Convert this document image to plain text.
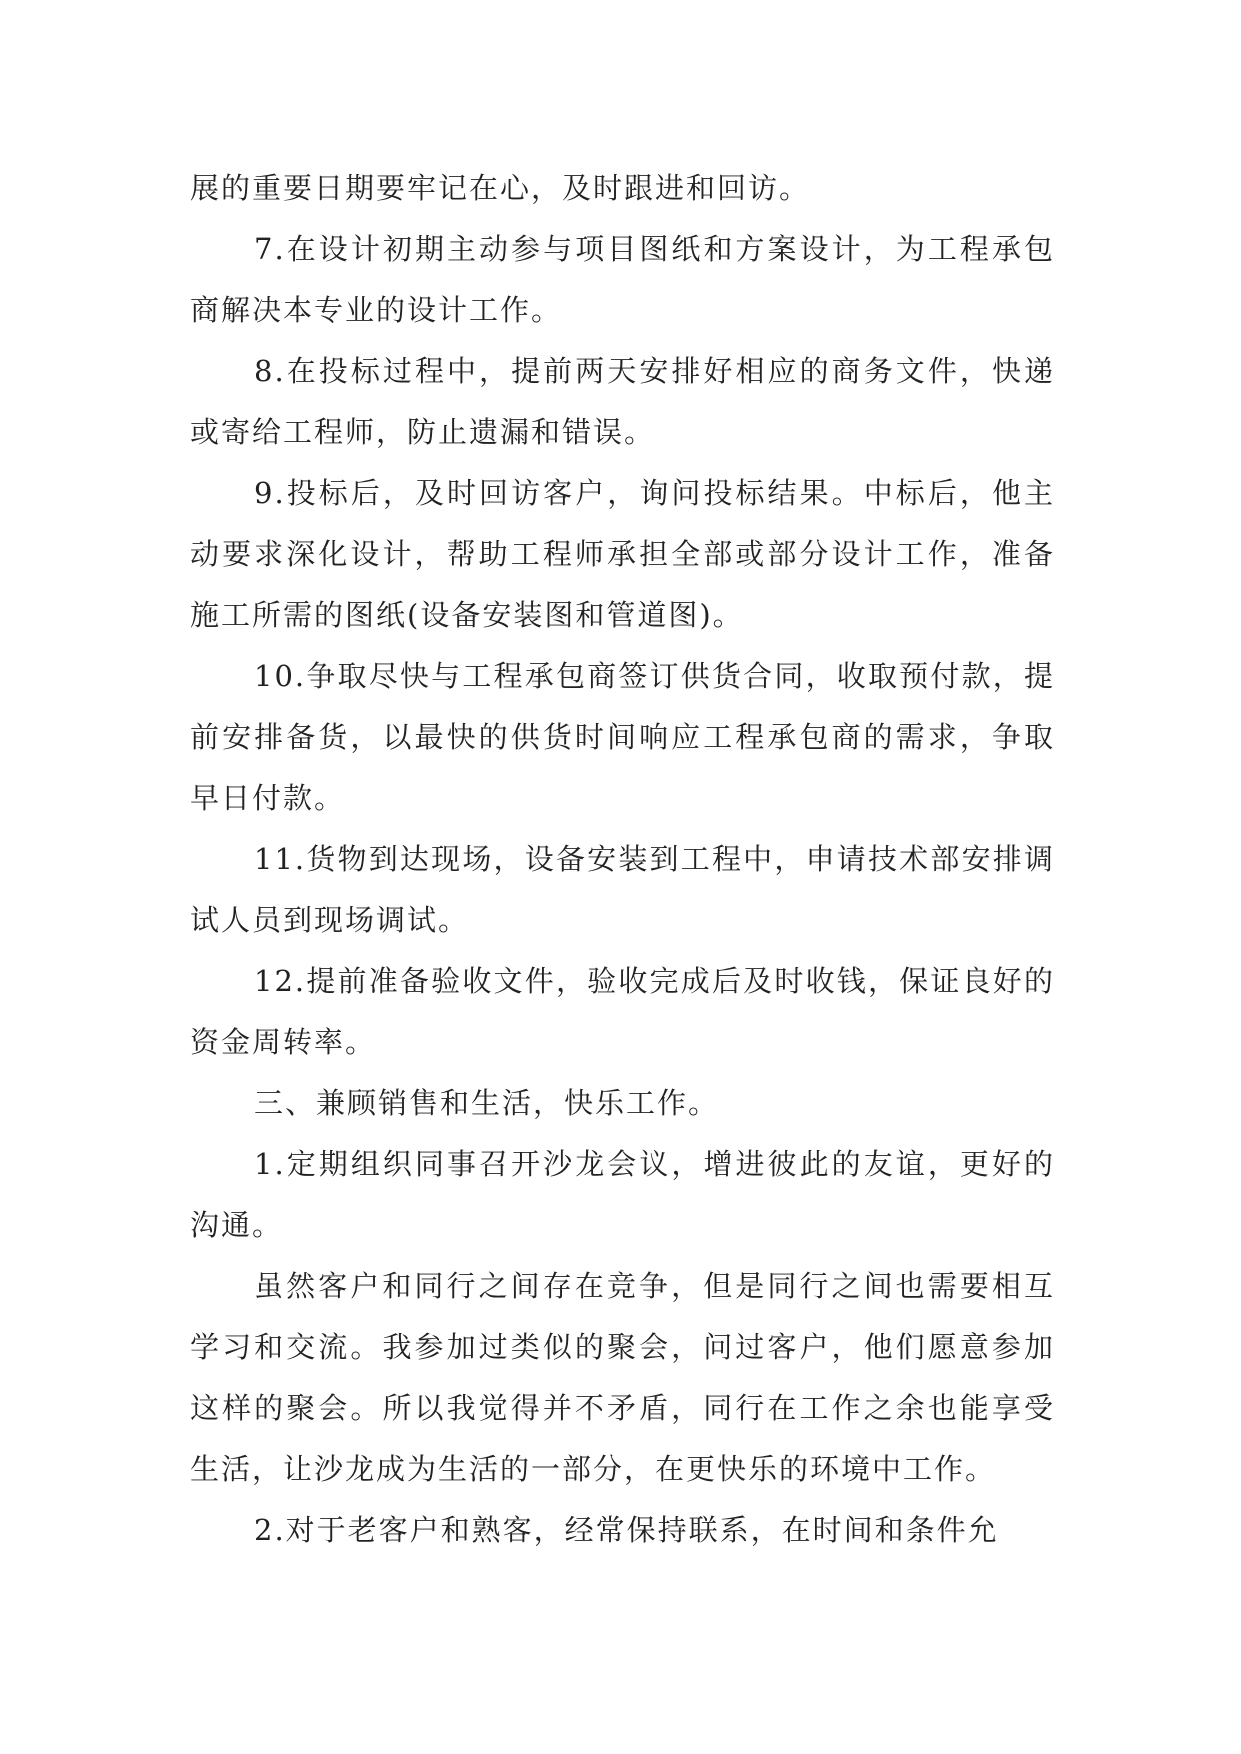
展的重要日期要牢记在心，及时跟进和回访。

7.在设计初期主动参与项目图纸和方案设计，为工程承包商解决本专业的设计工作。

8.在投标过程中，提前两天安排好相应的商务文件，快递或寄给工程师，防止遗漏和错误。

9.投标后，及时回访客户，询问投标结果。中标后，他主动要求深化设计，帮助工程师承担全部或部分设计工作，准备施工所需的图纸(设备安装图和管道图)。

10.争取尽快与工程承包商签订供货合同，收取预付款，提前安排备货，以最快的供货时间响应工程承包商的需求，争取早日付款。

11.货物到达现场，设备安装到工程中，申请技术部安排调试人员到现场调试。

12.提前准备验收文件，验收完成后及时收钱，保证良好的资金周转率。

三、兼顾销售和生活，快乐工作。

1.定期组织同事召开沙龙会议，增进彼此的友谊，更好的沟通。

虽然客户和同行之间存在竞争，但是同行之间也需要相互学习和交流。我参加过类似的聚会，问过客户，他们愿意参加这样的聚会。所以我觉得并不矛盾，同行在工作之余也能享受生活，让沙龙成为生活的一部分，在更快乐的环境中工作。

2.对于老客户和熟客，经常保持联系，在时间和条件允
